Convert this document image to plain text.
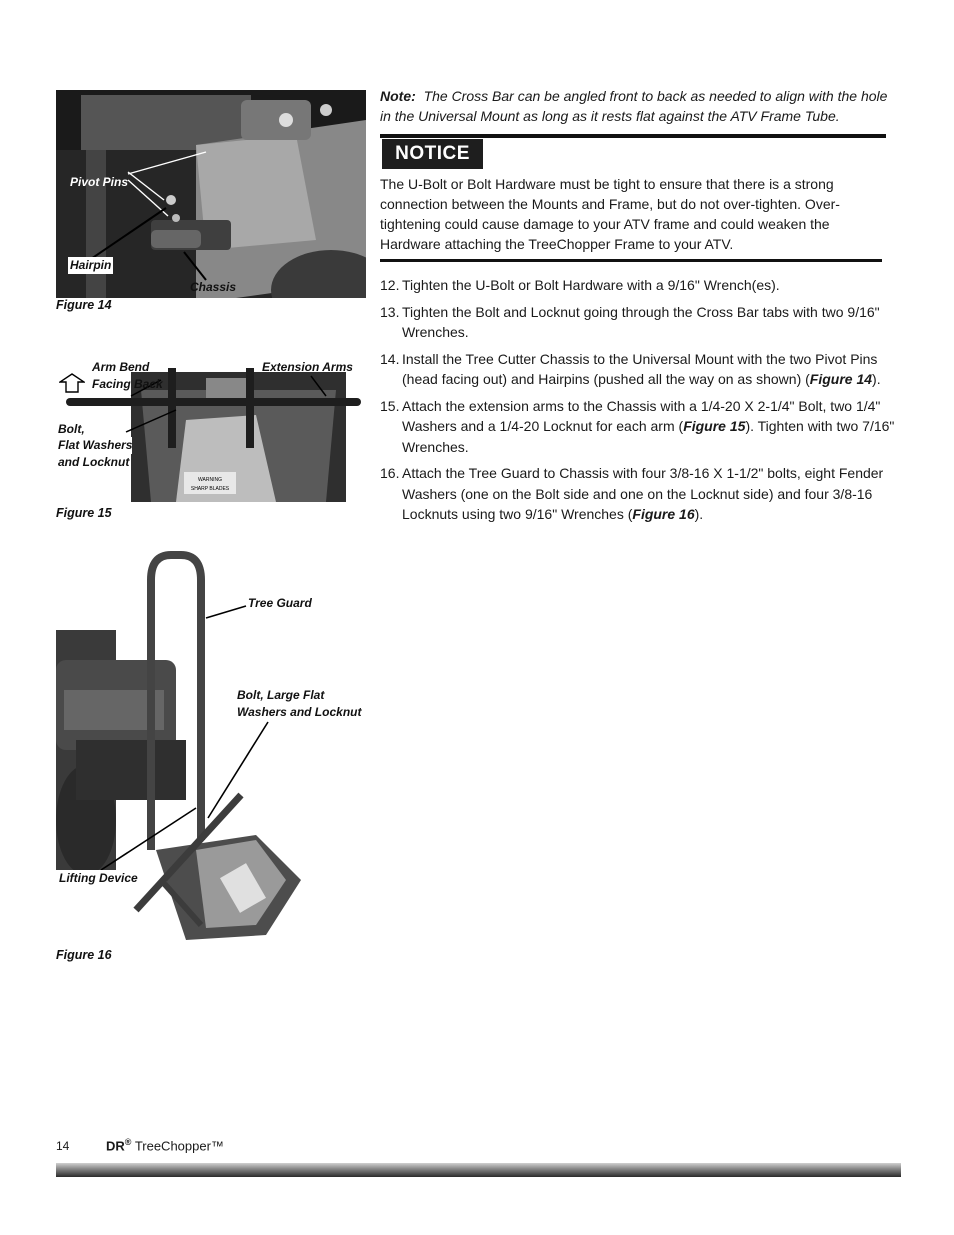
Pivot Pins
Hairpin
Chassis
Figure 14
WARNING
SHARP BLADES
Arm Bend
Facing Back
Extension Arms
Bolt,
Flat Washers
and Locknut
Figure 15
Tree Guard
Bolt, Large Flat
Washers and Locknut
Lifting Device
Figure 16
Note: The Cross Bar can be angled front to back as needed to align with the hole in the Universal Mount as long as it rests flat against the ATV Frame Tube.
NOTICE
The U-Bolt or Bolt Hardware must be tight to ensure that there is a strong connection between the Mounts and Frame, but do not over-tighten. Over-tightening could cause damage to your ATV frame and could weaken the Hardware attaching the TreeChopper Frame to your ATV.
12. Tighten the U-Bolt or Bolt Hardware with a 9/16" Wrench(es).
13. Tighten the Bolt and Locknut going through the Cross Bar tabs with two 9/16" Wrenches.
14. Install the Tree Cutter Chassis to the Universal Mount with the two Pivot Pins (head facing out) and Hairpins (pushed all the way on as shown) (Figure 14).
15. Attach the extension arms to the Chassis with a 1/4-20 X 2-1/4" Bolt, two 1/4" Washers and a 1/4-20 Locknut for each arm (Figure 15). Tighten with two 7/16" Wrenches.
16. Attach the Tree Guard to Chassis with four 3/8-16 X 1-1/2" bolts, eight Fender Washers (one on the Bolt side and one on the Locknut side) and four 3/8-16 Locknuts using two 9/16" Wrenches (Figure 16).
14	DR® TreeChopper™
